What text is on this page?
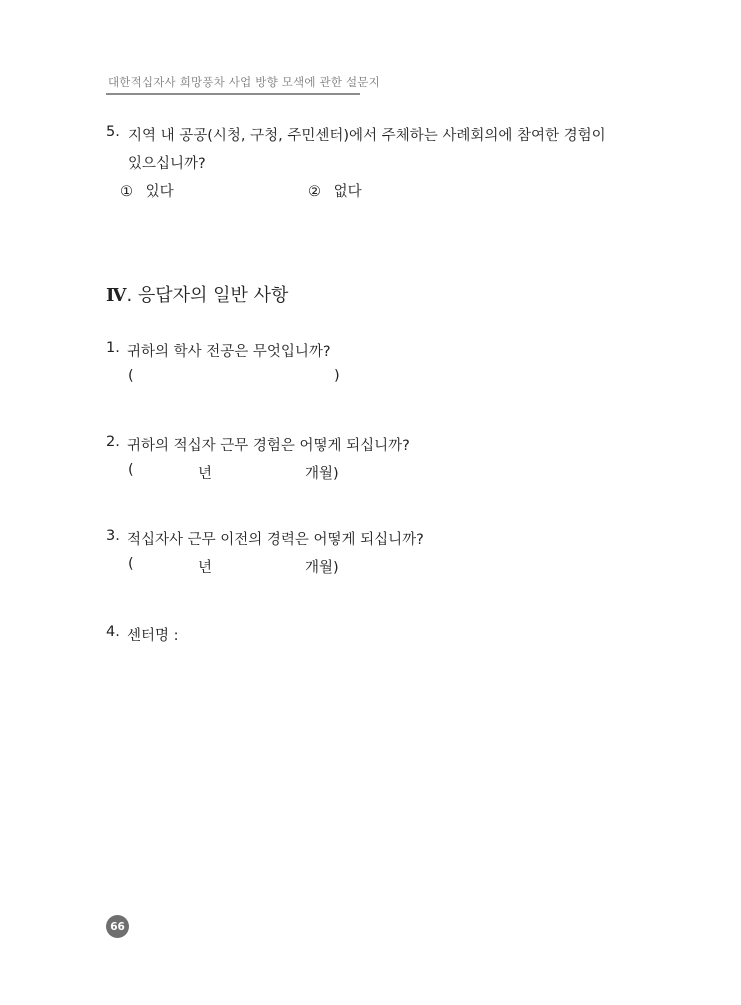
대한적십자사 희망풍차 사업 방향 모색에 관한 설문지
5. 지역 내 공공(시청, 구청, 주민센터)에서 주체하는 사례회의에 참여한 경험이
있으십니까?
① 있다	② 없다
Ⅳ. 응답자의 일반 사항
1. 귀하의 학사 전공은 무엇입니까?
(	)
2. 귀하의 적십자 근무 경험은 어떻게 되십니까?
(	년	개월)
3. 적십자사 근무 이전의 경력은 어떻게 되십니까?
(	년	개월)
4. 센터명 :
66
